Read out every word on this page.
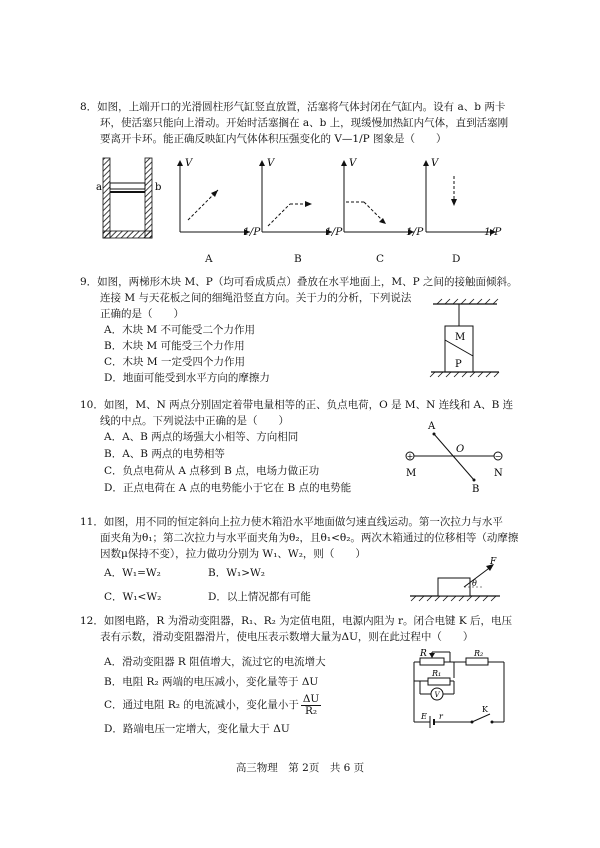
8．如图，上端开口的光滑圆柱形气缸竖直放置，活塞将气体封闭在气缸内。设有 a、b 两卡
环，使活塞只能向上滑动。开始时活塞搁在 a、b 上，现缓慢加热缸内气体，直到活塞刚
要离开卡环。能正确反映缸内气体体积压强变化的 V—1/P 图象是（　　）
a	b
V
1/P
A
V
1/P
B
V
1/P
C
V
1/P
D
9．如图，两梯形木块 M、P（均可看成质点）叠放在水平地面上，M、P 之间的接触面倾斜。
连接 M 与天花板之间的细绳沿竖直方向。关于力的分析，下列说法
正确的是（　　）
A．木块 M 不可能受二个力作用
B．木块 M 可能受三个力作用
C．木块 M 一定受四个力作用
D．地面可能受到水平方向的摩擦力
M
P
10．如图，M、N 两点分别固定着带电量相等的正、负点电荷，O 是 M、N 连线和 A、B 连
线的中点。下列说法中正确的是（　　）
A．A、B 两点的场强大小相等、方向相同
B．A、B 两点的电势相等
C．负点电荷从 A 点移到 B 点，电场力做正功
D．正点电荷在 A 点的电势能小于它在 B 点的电势能
+	−
A
O
M	N
B
11．如图，用不同的恒定斜向上拉力使木箱沿水平地面做匀速直线运动。第一次拉力与水平
面夹角为θ₁；第二次拉力与水平面夹角为θ₂，且θ₁<θ₂。两次木箱通过的位移相等（动摩擦
因数μ保持不变），拉力做功分别为 W₁、W₂，则（　　）
A．W₁=W₂	B．W₁>W₂
C．W₁<W₂	D．以上情况都有可能
F
θ
12．如图电路，R 为滑动变阻器，R₁、R₂ 为定值电阻，电源内阻为 r。闭合电键 K 后，电压
表有示数，滑动变阻器滑片，使电压表示数增大量为ΔU，则在此过程中（　　）
A．滑动变阻器 R 阻值增大，流过它的电流增大
B．电阻 R₂ 两端的电压减小，变化量等于 ΔU
C．通过电阻 R₂ 的电流减小，变化量小于 $\frac{\Delta U}{\text{R₂}}$
D．路端电压一定增大，变化量大于 ΔU
R	R₂
R₁
V
E r
K
高三物理　第 2页　共 6 页
